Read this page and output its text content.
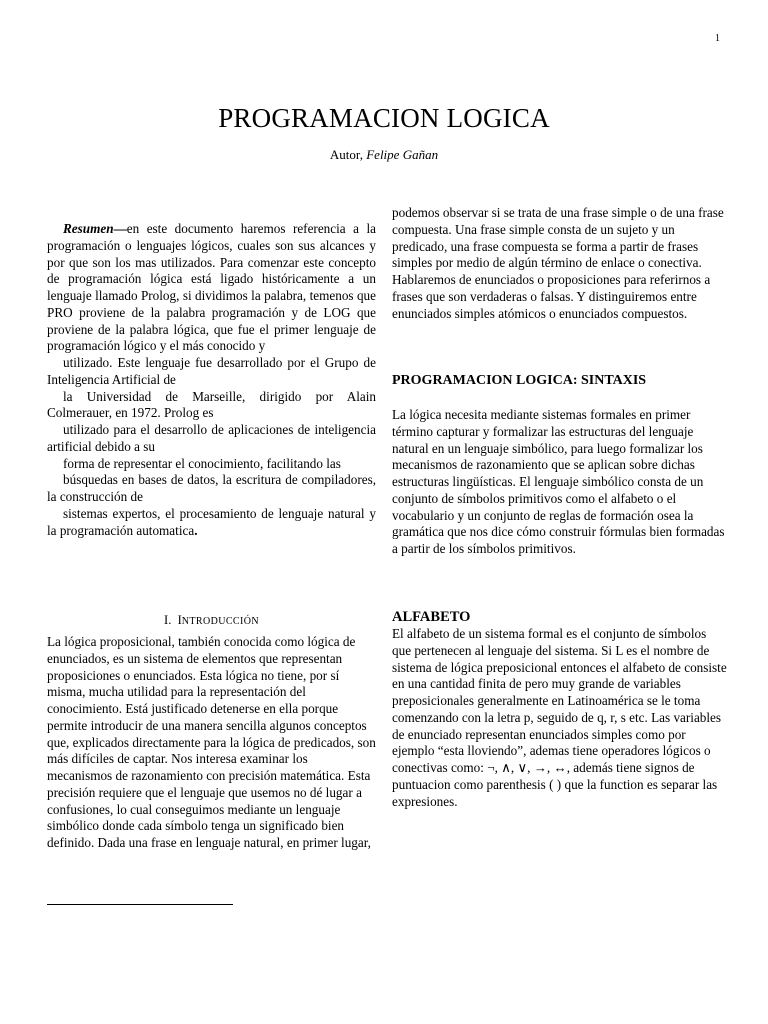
1
PROGRAMACION LOGICA
Autor, Felipe Gañan

Resumen—en este documento haremos referencia a la programación o lenguajes lógicos, cuales son sus alcances y por que son los mas utilizados. Para comenzar este concepto de programación lógica está ligado históricamente a un lenguaje llamado Prolog, si dividimos la palabra, temenos que PRO proviene de la palabra programación y de LOG que proviene de la palabra lógica, que fue el primer lenguaje de programación lógico y el más conocido y

utilizado. Este lenguaje fue desarrollado por el Grupo de Inteligencia Artificial de

la Universidad de Marseille, dirigido por Alain Colmerauer, en 1972. Prolog es

utilizado para el desarrollo de aplicaciones de inteligencia artificial debido a su

forma de representar el conocimiento, facilitando las

búsquedas en bases de datos, la escritura de compiladores, la construcción de

sistemas expertos, el procesamiento de lenguaje natural y la programación automatica.

I. INTRODUCCIÓN

La lógica proposicional, también conocida como lógica de enunciados, es un sistema de elementos que representan proposiciones o enunciados. Esta lógica no tiene, por sí misma, mucha utilidad para la representación del conocimiento. Está justificado detenerse en ella porque permite introducir de una manera sencilla algunos conceptos que, explicados directamente para la lógica de predicados, son más difíciles de captar. Nos interesa examinar los mecanismos de razonamiento con precisión matemática. Esta precisión requiere que el lenguaje que usemos no dé lugar a confusiones, lo cual conseguimos mediante un lenguaje simbólico donde cada símbolo tenga un significado bien definido. Dada una frase en lenguaje natural, en primer lugar,

podemos observar si se trata de una frase simple o de una frase compuesta. Una frase simple consta de un sujeto y un predicado, una frase compuesta se forma a partir de frases simples por medio de algún término de enlace o conectiva. Hablaremos de enunciados o proposiciones para referirnos a frases que son verdaderas o falsas. Y distinguiremos entre enunciados simples atómicos o enunciados compuestos.

PROGRAMACION LOGICA: SINTAXIS

La lógica necesita mediante sistemas formales en primer término capturar y formalizar las estructuras del lenguaje natural en un lenguaje simbólico, para luego formalizar los mecanismos de razonamiento que se aplican sobre dichas estructuras lingüísticas. El lenguaje simbólico consta de un conjunto de símbolos primitivos como el alfabeto o el vocabulario y un conjunto de reglas de formación osea la gramática que nos dice cómo construir fórmulas bien formadas a partir de los símbolos primitivos.

ALFABETO

El alfabeto de un sistema formal es el conjunto de símbolos que pertenecen al lenguaje del sistema. Si L es el nombre de sistema de lógica preposicional entonces el alfabeto de consiste en una cantidad finita de pero muy grande de variables preposicionales generalmente en Latinoamérica se le toma comenzando con la letra p, seguido de q, r, s etc. Las variables de enunciado representan enunciados simples como por ejemplo “esta lloviendo”, ademas tiene operadores lógicos o conectivas como: ¬, ∧, ∨, →, ↔, además tiene signos de puntuacion como parenthesis ( ) que la function es separar las expresiones.
